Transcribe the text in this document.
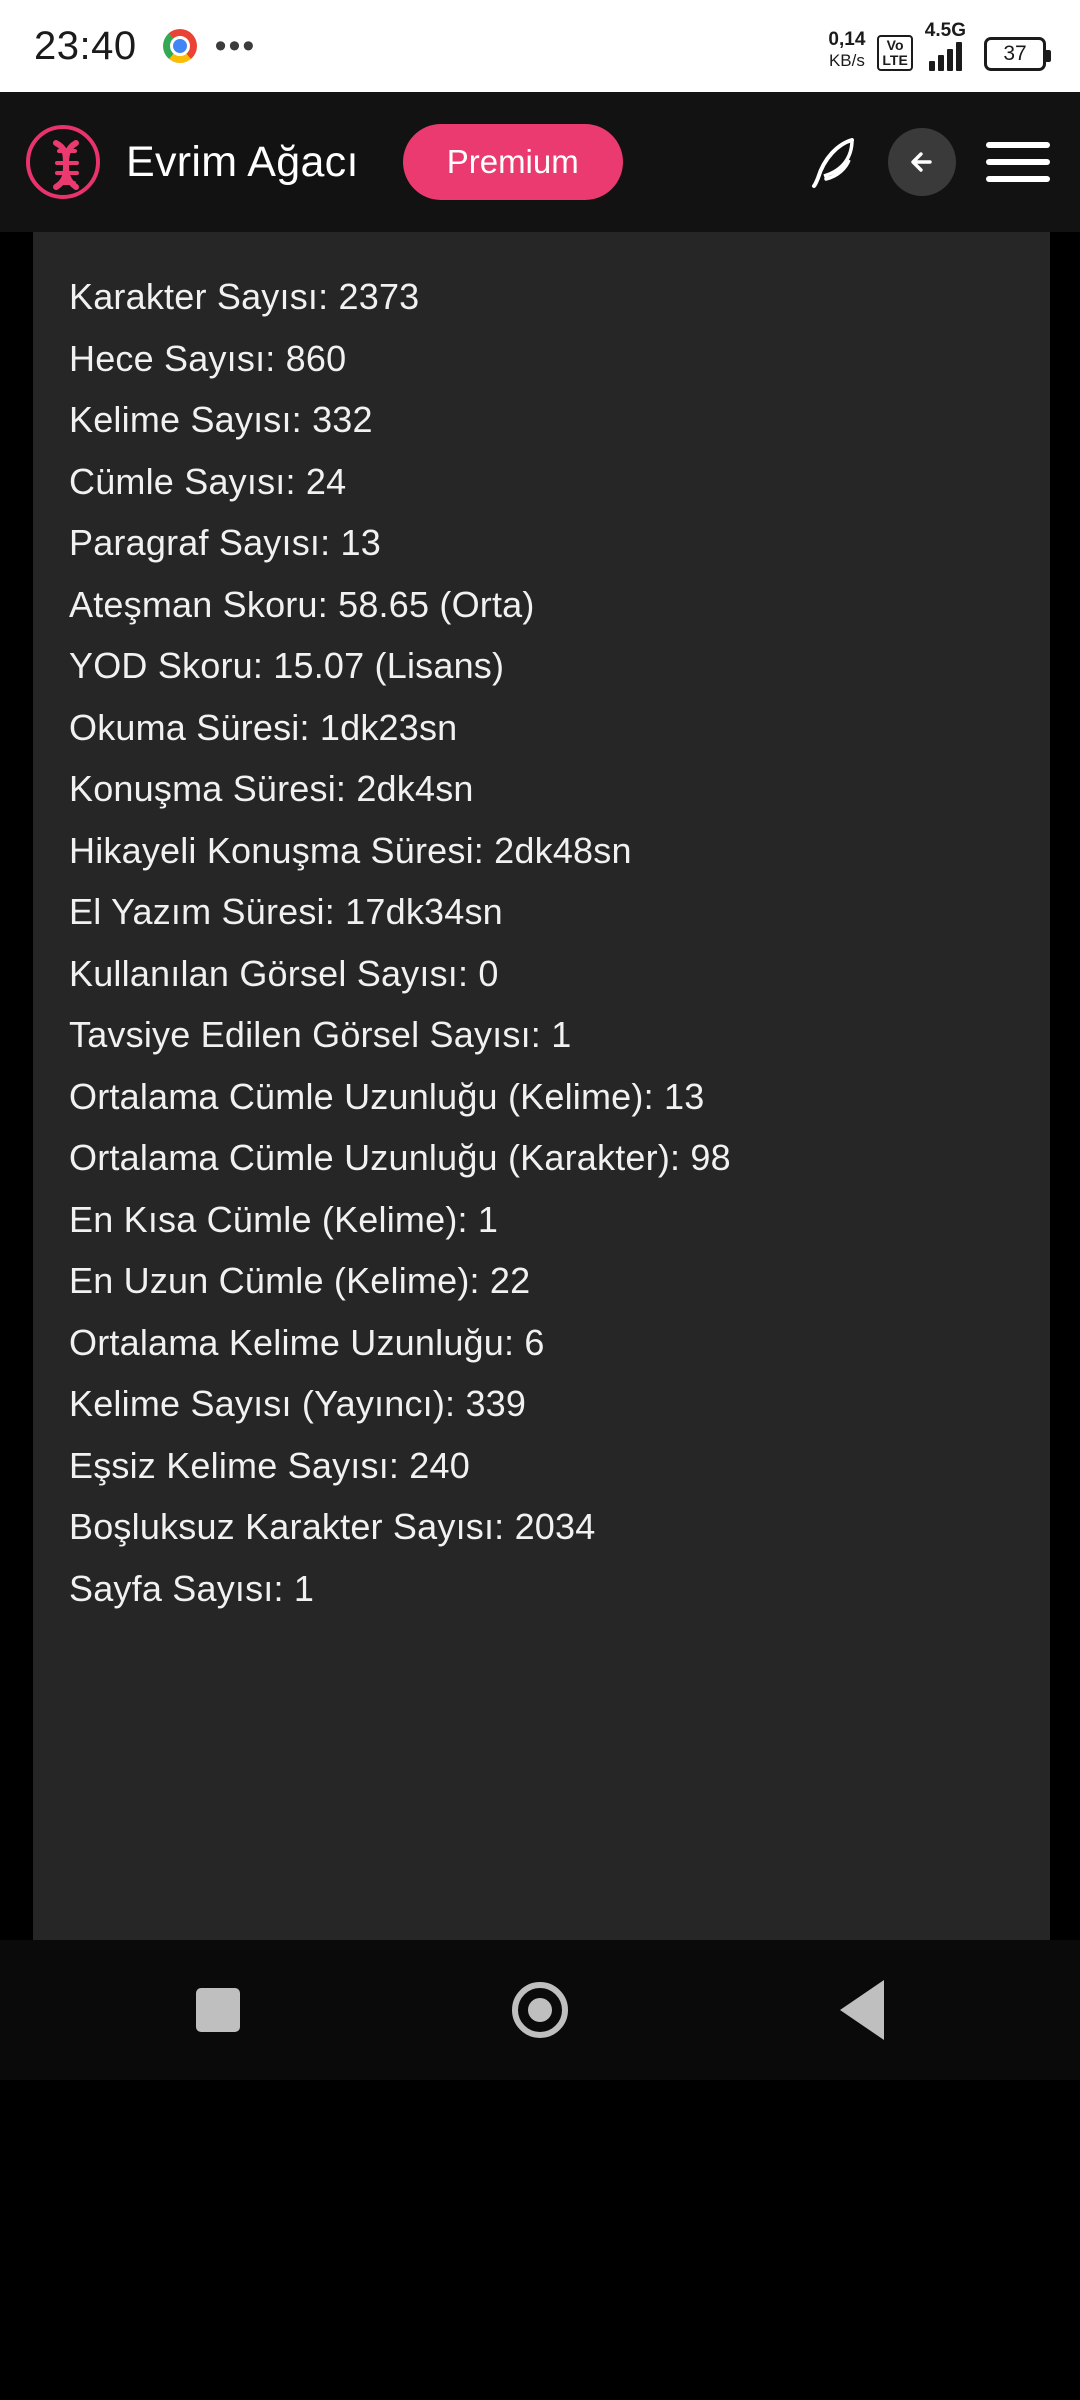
23:40 •••	0,14
KB/s
Vo
LTE
4.5G
37
Evrim Ağacı	Premium
Karakter Sayısı: 2373
Hece Sayısı: 860
Kelime Sayısı: 332
Cümle Sayısı: 24
Paragraf Sayısı: 13
Ateşman Skoru: 58.65 (Orta)
YOD Skoru: 15.07 (Lisans)
Okuma Süresi: 1dk23sn
Konuşma Süresi: 2dk4sn
Hikayeli Konuşma Süresi: 2dk48sn
El Yazım Süresi: 17dk34sn
Kullanılan Görsel Sayısı: 0
Tavsiye Edilen Görsel Sayısı: 1
Ortalama Cümle Uzunluğu (Kelime): 13
Ortalama Cümle Uzunluğu (Karakter): 98
En Kısa Cümle (Kelime): 1
En Uzun Cümle (Kelime): 22
Ortalama Kelime Uzunluğu: 6
Kelime Sayısı (Yayıncı): 339
Eşsiz Kelime Sayısı: 240
Boşluksuz Karakter Sayısı: 2034
Sayfa Sayısı: 1
